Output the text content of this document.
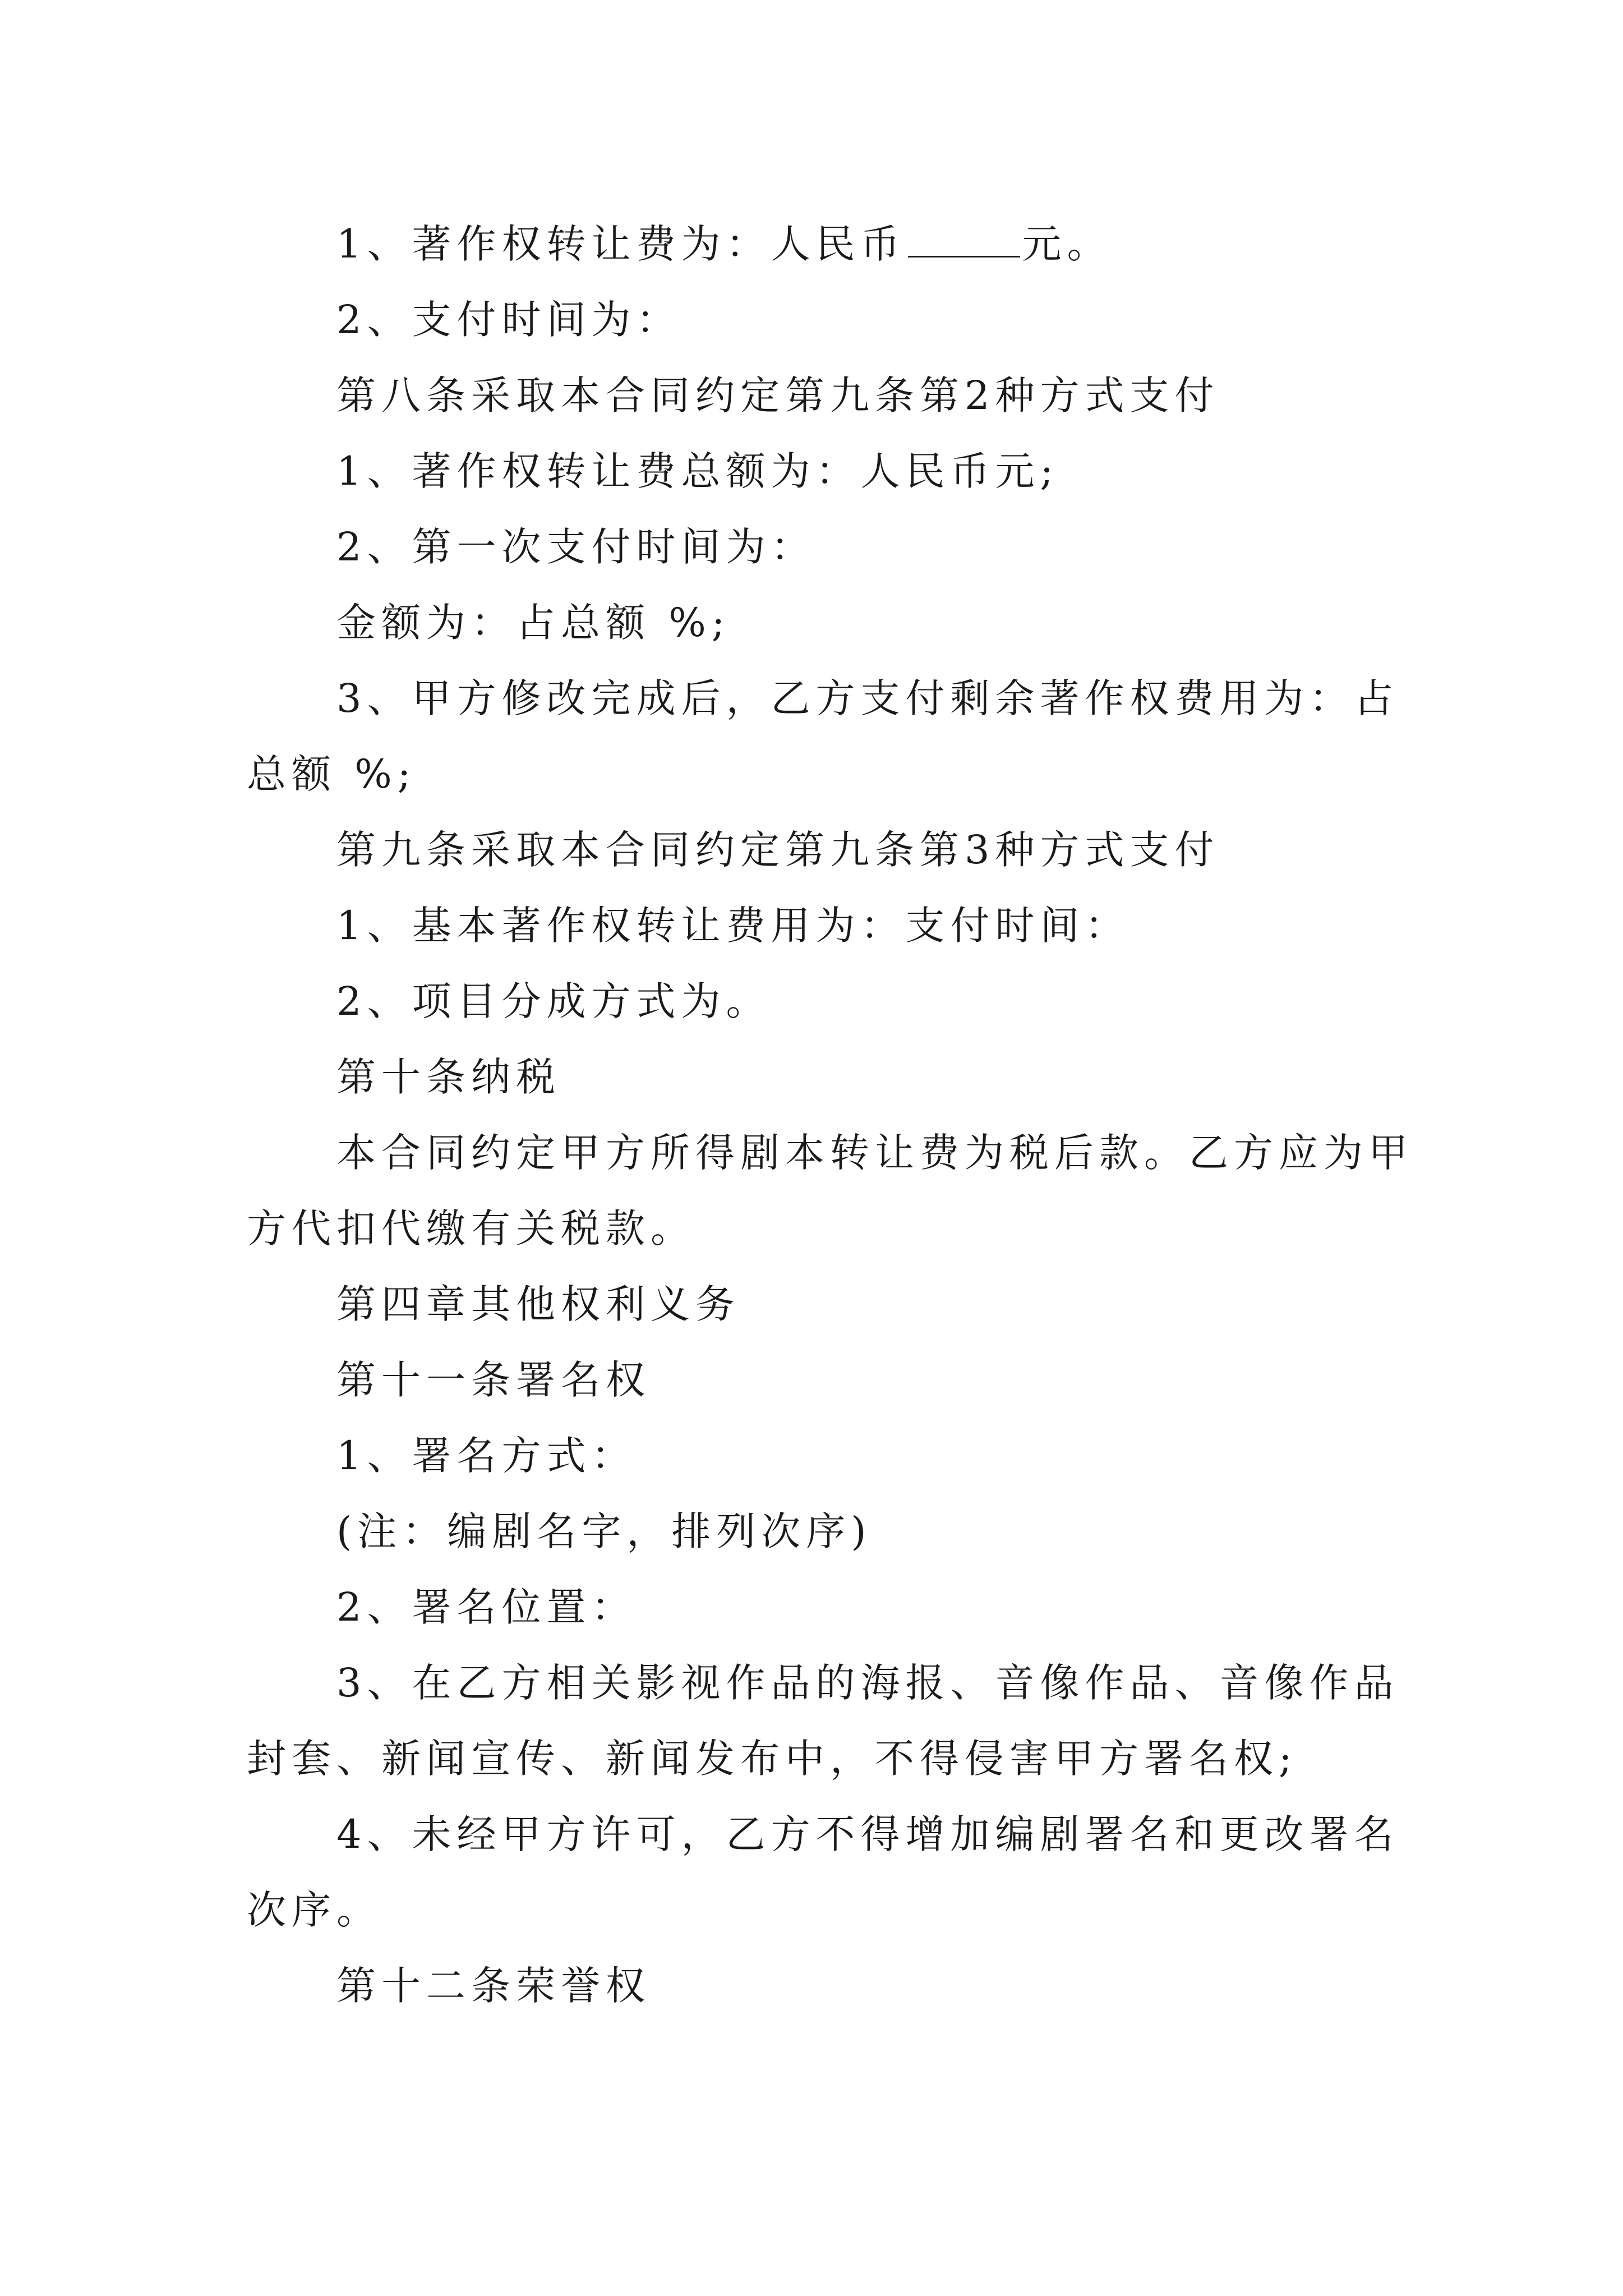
1、著作权转让费为：人民币	元。

2、支付时间为：

第八条采取本合同约定第九条第2种方式支付

1、著作权转让费总额为：人民币元;

2、第一次支付时间为：

金额为：占总额 %;

3、甲方修改完成后，乙方支付剩余著作权费用为：占

总额 %;

第九条采取本合同约定第九条第3种方式支付

1、基本著作权转让费用为：支付时间：

2、项目分成方式为。

第十条纳税

本合同约定甲方所得剧本转让费为税后款。乙方应为甲

方代扣代缴有关税款。

第四章其他权利义务

第十一条署名权

1、署名方式：

(注：编剧名字，排列次序)

2、署名位置：

3、在乙方相关影视作品的海报、音像作品、音像作品

封套、新闻宣传、新闻发布中，不得侵害甲方署名权;

4、未经甲方许可，乙方不得增加编剧署名和更改署名

次序。

第十二条荣誉权
